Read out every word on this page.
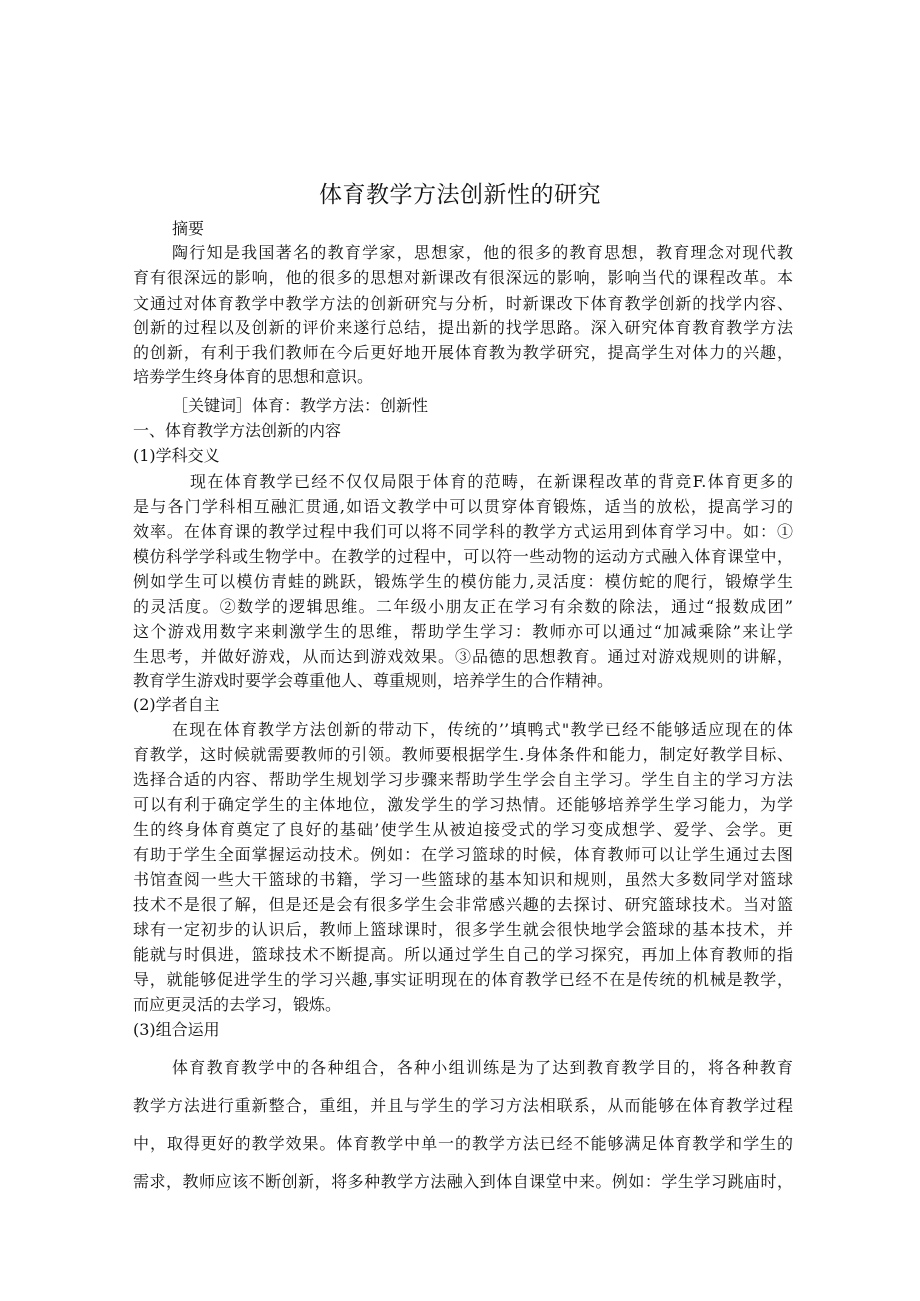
体育教学方法创新性的研究

摘要

陶行知是我国著名的教育学家，思想家，他的很多的教育思想，教育理念对现代教

育有很深远的影响，他的很多的思想对新课改有很深远的影响，影响当代的课程改革。本

文通过对体育教学中教学方法的创新研究与分析，时新课改下体育教学创新的找学内容、

创新的过程以及创新的评价来遂行总结，提出新的找学思路。深入研究体育教育教学方法

的创新，有利于我们教师在今后更好地开展体育教为教学研究，提高学生对体力的兴趣，

培劵学生终身体育的思想和意识。

［关键词］体育：教学方法：创新性

一、体育教学方法创新的内容

(1)学科交义

现在体育教学已经不仅仅局限于体育的范畴，在新课程改革的背竞F.体育更多的

是与各门学科相互融汇贯通,如语文教学中可以贯穿体育锻炼，适当的放松，提高学习的

效率。在体育课的教学过程中我们可以将不同学科的教学方式运用到体育学习中。如：①

模仿科学学科或生物学中。在教学的过程中，可以符一些动物的运动方式融入体育课堂中，

例如学生可以模仿青蛙的跳跃，锻炼学生的模仿能力,灵活度：模仿蛇的爬行，锻燎学生

的灵活度。②数学的逻辑思维。二年级小朋友正在学习有余数的除法，通过“报数成团”

这个游戏用数字来剌激学生的思维，帮助学生学习：教师亦可以通过“加减乘除”来让学

生思考，并做好游戏，从而达到游戏效果。③品德的思想教育。通过对游戏规则的讲解，

教育学生游戏时要学会尊重他人、尊重规则，培养学生的合作精神。

(2)学者自主

在现在体育教学方法创新的带动下，传统的’’填鸭式"教学已经不能够适应现在的体

育教学，这时候就需要教师的引领。教师要根据学生.身体条件和能力，制定好教学目标、

选择合适的内容、帮助学生规划学习步骤来帮助学生学会自主学习。学生自主的学习方法

可以有利于确定学生的主体地位，激发学生的学习热情。还能够培养学生学习能力，为学

生的终身体育奠定了良好的基础’使学生从被迫接受式的学习变成想学、爱学、会学。更

有助于学生全面掌握运动技术。例如：在学习篮球的时候，体育教师可以让学生通过去图

书馆查阅一些大干篮球的书籍，学习一些篮球的基本知识和规则，虽然大多数同学对篮球

技术不是很了解，但是还是会有很多学生会非常感兴趣的去探讨、研究篮球技术。当对篮

球有一定初步的认识后，教师上篮球课时，很多学生就会很快地学会篮球的基本技术，并

能就与时俱进，篮球技术不断提高。所以通过学生自己的学习探究，再加上体育教师的指

导，就能够促进学生的学习兴趣,事实证明现在的体育教学已经不在是传统的机械是教学，

而应更灵活的去学习，锻炼。

(3)组合运用

体育教育教学中的各种组合，各种小组训练是为了达到教育教学目的，将各种教育

教学方法进行重新整合，重组，并且与学生的学习方法相联系，从而能够在体育教学过程

中，取得更好的教学效果。体育教学中单一的教学方法已经不能够满足体育教学和学生的

需求，教师应该不断创新，将多种教学方法融入到体自课堂中来。例如：学生学习跳庙时，
